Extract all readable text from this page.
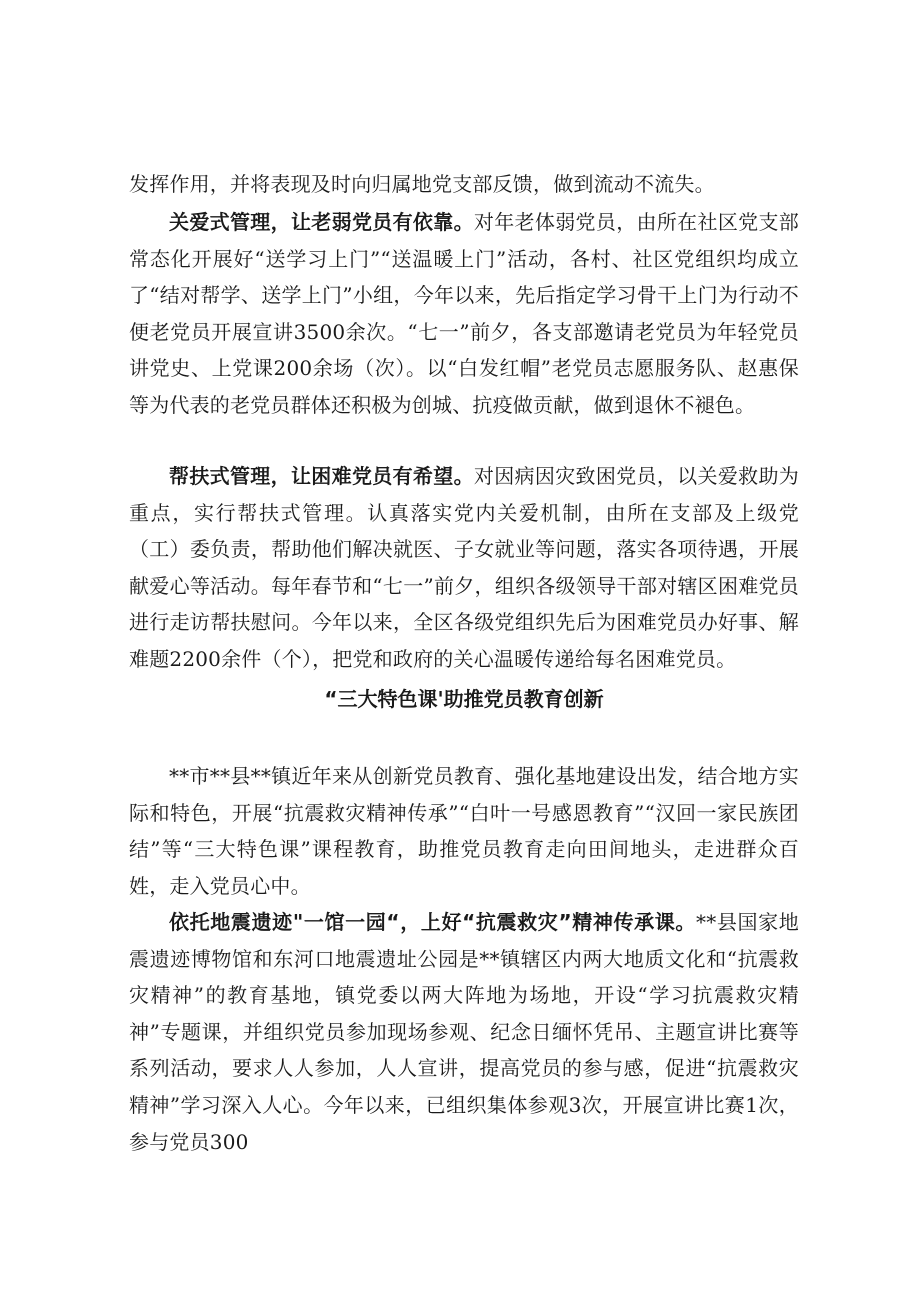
发挥作用，并将表现及时向归属地党支部反馈，做到流动不流失。

关爱式管理，让老弱党员有依靠。对年老体弱党员，由所在社区党支部常态化开展好“送学习上门”“送温暖上门”活动，各村、社区党组织均成立了“结对帮学、送学上门”小组，今年以来，先后指定学习骨干上门为行动不便老党员开展宣讲3500余次。“七一”前夕，各支部邀请老党员为年轻党员讲党史、上党课200余场（次）。以“白发红帽”老党员志愿服务队、赵惠保等为代表的老党员群体还积极为创城、抗疫做贡献，做到退休不褪色。

帮扶式管理，让困难党员有希望。对因病因灾致困党员，以关爱救助为重点，实行帮扶式管理。认真落实党内关爱机制，由所在支部及上级党（工）委负责，帮助他们解决就医、子女就业等问题，落实各项待遇，开展献爱心等活动。每年春节和“七一”前夕，组织各级领导干部对辖区困难党员进行走访帮扶慰问。今年以来，全区各级党组织先后为困难党员办好事、解难题2200余件（个），把党和政府的关心温暖传递给每名困难党员。

“三大特色课'助推党员教育创新

**市**县**镇近年来从创新党员教育、强化基地建设出发，结合地方实际和特色，开展“抗震救灾精神传承”“白叶一号感恩教育”“汉回一家民族团结”等“三大特色课”课程教育，助推党员教育走向田间地头，走进群众百姓，走入党员心中。

依托地震遗迹"一馆一园“，上好“抗震救灾”精神传承课。**县国家地震遗迹博物馆和东河口地震遗址公园是**镇辖区内两大地质文化和“抗震救灾精神”的教育基地，镇党委以两大阵地为场地，开设“学习抗震救灾精神”专题课，并组织党员参加现场参观、纪念日缅怀凭吊、主题宣讲比赛等系列活动，要求人人参加，人人宣讲，提高党员的参与感，促进“抗震救灾精神”学习深入人心。今年以来，已组织集体参观3次，开展宣讲比赛1次，参与党员300
